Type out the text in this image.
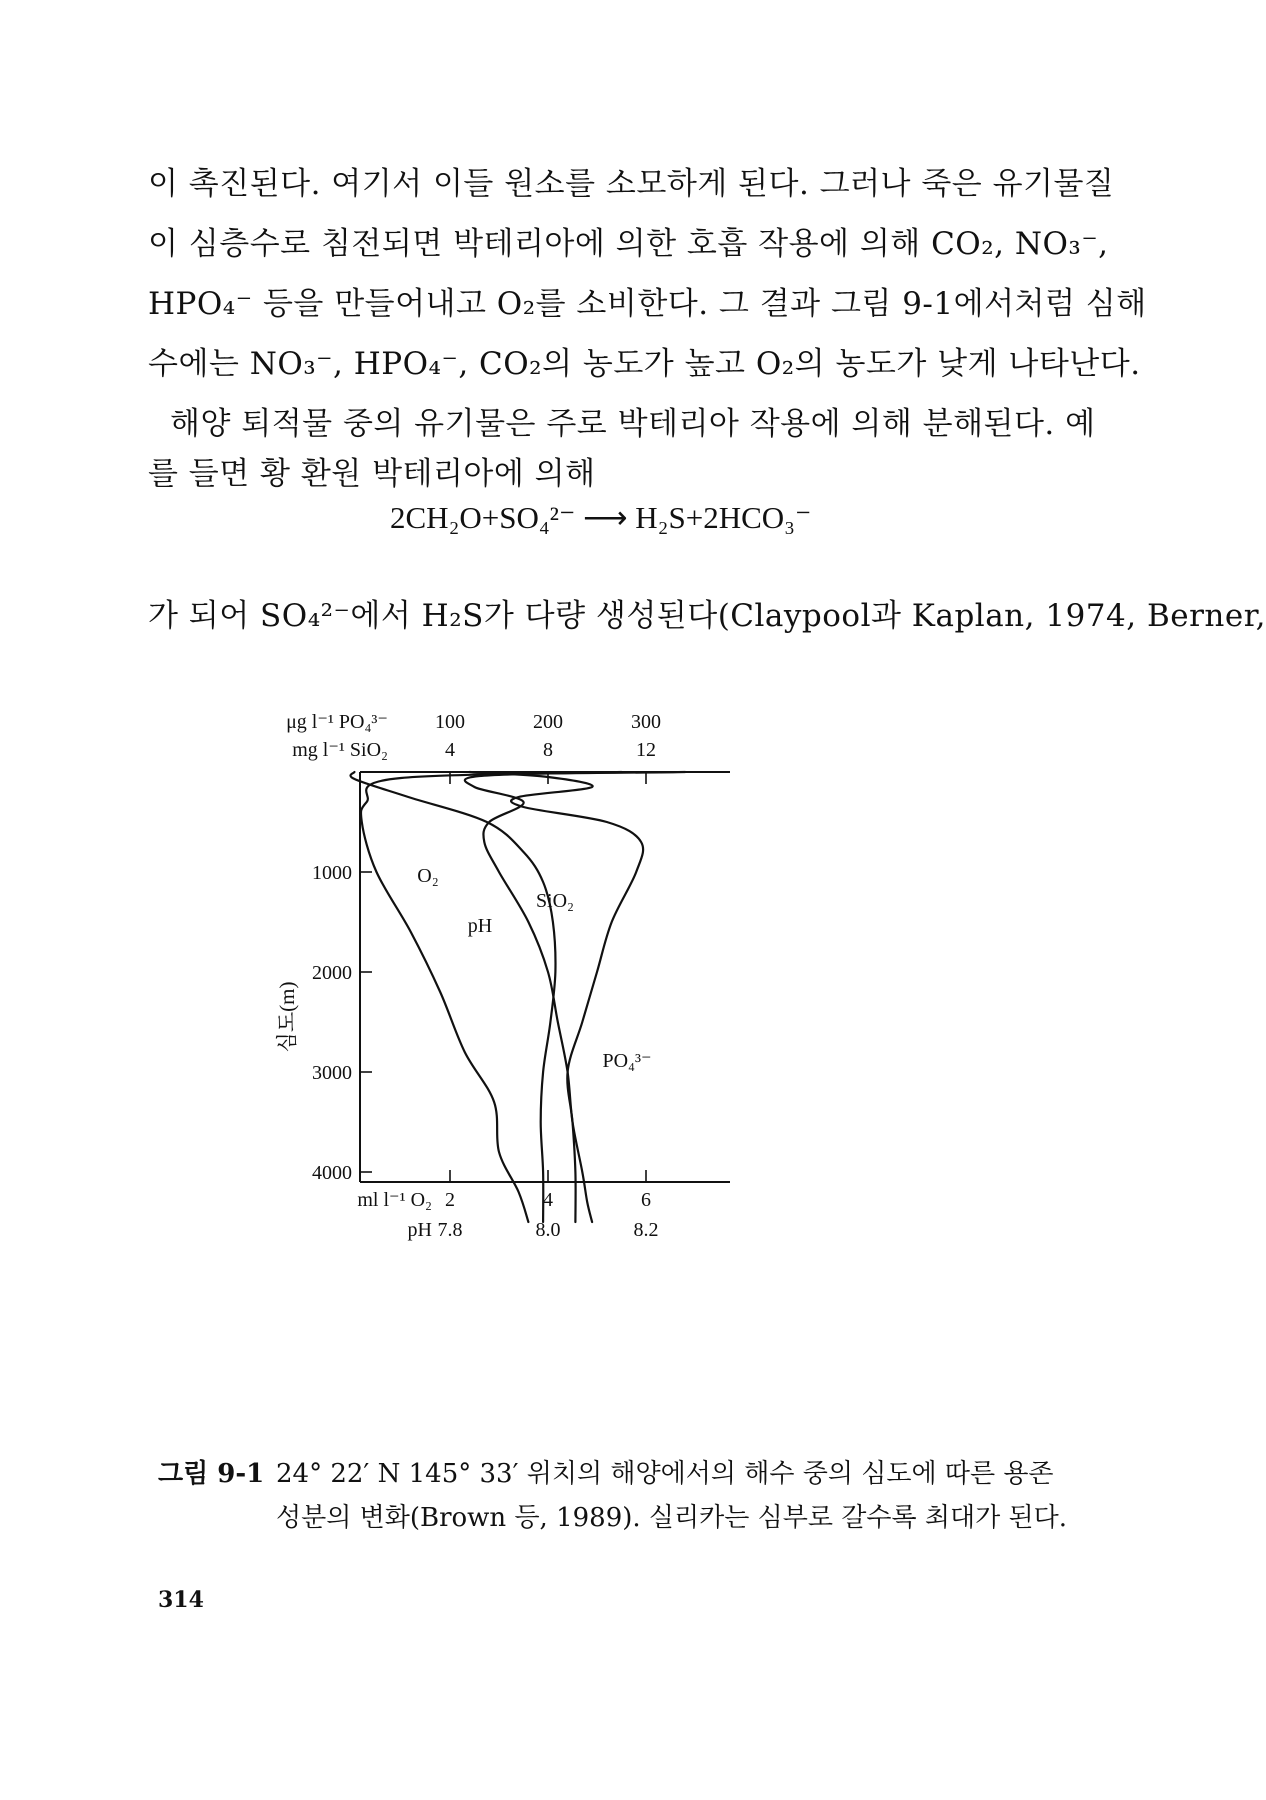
이 촉진된다. 여기서 이들 원소를 소모하게 된다. 그러나 죽은 유기물질
이 심층수로 침전되면 박테리아에 의한 호흡 작용에 의해 CO₂, NO₃⁻,
HPO₄⁻ 등을 만들어내고 O₂를 소비한다. 그 결과 그림 9-1에서처럼 심해
수에는 NO₃⁻, HPO₄⁻, CO₂의 농도가 높고 O₂의 농도가 낮게 나타난다.
해양 퇴적물 중의 유기물은 주로 박테리아 작용에 의해 분해된다. 예
를 들면 황 환원 박테리아에 의해
가 되어 SO₄²⁻에서 H₂S가 다량 생성된다(Claypool과 Kaplan, 1974, Berner,
2CH₂O+SO₄²⁻ ⟶ H₂S+2HCO₃⁻
100	200	300
4	8	12
μg l⁻¹ PO₄³⁻
mg l⁻¹ SiO₂
2	4	6
7.8	8.0	8.2
ml l⁻¹ O₂
pH
1000
2000
3000
4000
심도(m)
O₂
pH
SiO₂
PO₄³⁻
그림 9-1 24° 22′ N 145° 33′ 위치의 해양에서의 해수 중의 심도에 따른 용존 성분의 변화(Brown 등, 1989). 실리카는 심부로 갈수록 최대가 된다.
314
